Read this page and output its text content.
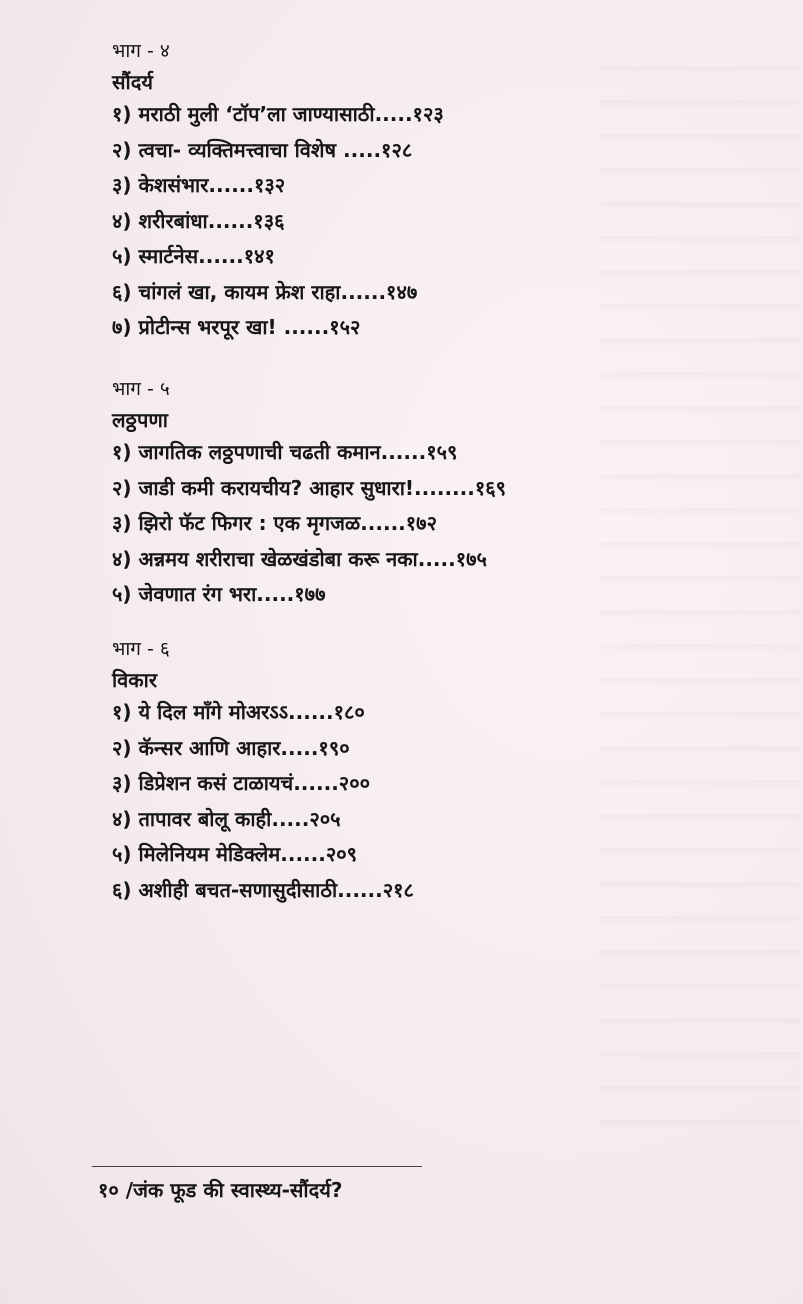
भाग - ४
सौंदर्य
१) मराठी मुली ‘टॉप’ला जाण्यासाठी.....१२३
२) त्वचा- व्यक्तिमत्त्वाचा विशेष .....१२८
३) केशसंभार......१३२
४) शरीरबांधा......१३६
५) स्मार्टनेस......१४१
६) चांगलं खा, कायम फ्रेश राहा......१४७
७) प्रोटीन्स भरपूर खा! ......१५२
भाग - ५
लठ्ठपणा
१) जागतिक लठ्ठपणाची चढती कमान......१५९
२) जाडी कमी करायचीय? आहार सुधारा!........१६९
३) झिरो फॅट फिगर : एक मृगजळ......१७२
४) अन्नमय शरीराचा खेळखंडोबा करू नका.....१७५
५) जेवणात रंग भरा.....१७७
भाग - ६
विकार
१) ये दिल माँगे मोअरऽऽ......१८०
२) कॅन्सर आणि आहार.....१९०
३) डिप्रेशन कसं टाळायचं......२००
४) तापावर बोलू काही.....२०५
५) मिलेनियम मेडिक्लेम......२०९
६) अशीही बचत-सणासुदीसाठी......२१८
१० /जंक फूड की स्वास्थ्य-सौंदर्य?
